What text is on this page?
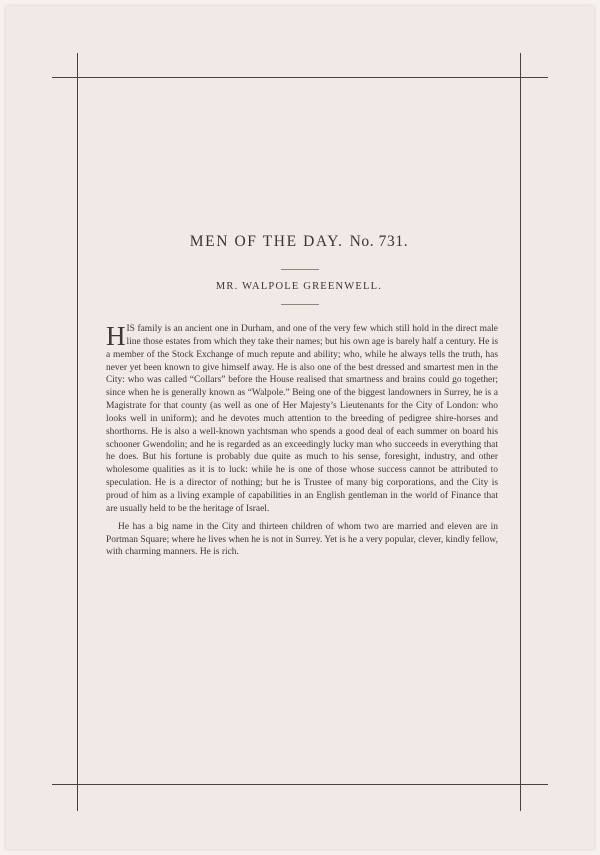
MEN OF THE DAY. No. 731.
MR. WALPOLE GREENWELL.

HIS family is an ancient one in Durham, and one of the very few which still hold in the direct male line those estates from which they take their names; but his own age is barely half a century. He is a member of the Stock Exchange of much repute and ability; who, while he always tells the truth, has never yet been known to give himself away. He is also one of the best dressed and smartest men in the City: who was called “Collars” before the House realised that smartness and brains could go together; since when he is generally known as “Walpole.” Being one of the biggest landowners in Surrey, he is a Magistrate for that county (as well as one of Her Majesty’s Lieutenants for the City of London: who looks well in uniform); and he devotes much attention to the breeding of pedigree shire-horses and shorthorns. He is also a well-known yachtsman who spends a good deal of each summer on board his schooner Gwendolin; and he is regarded as an exceedingly lucky man who succeeds in everything that he does. But his fortune is probably due quite as much to his sense, foresight, industry, and other wholesome qualities as it is to luck: while he is one of those whose success cannot be attributed to speculation. He is a director of nothing; but he is Trustee of many big corporations, and the City is proud of him as a living example of capabilities in an English gentleman in the world of Finance that are usually held to be the heritage of Israel.

He has a big name in the City and thirteen children of whom two are married and eleven are in Portman Square; where he lives when he is not in Surrey. Yet is he a very popular, clever, kindly fellow, with charming manners. He is rich.
